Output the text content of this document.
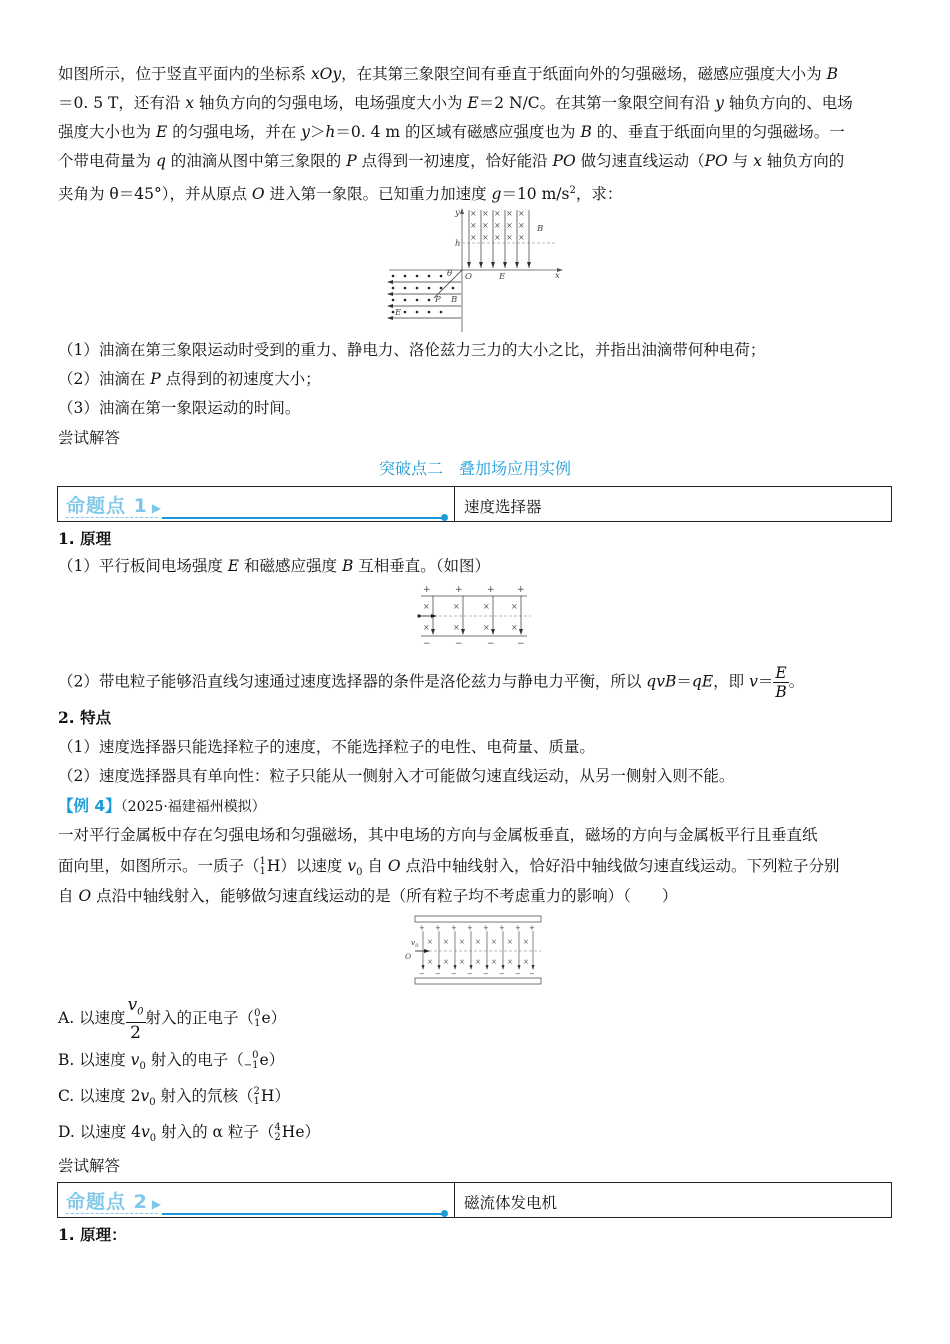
如图所示，位于竖直平面内的坐标系 xOy，在其第三象限空间有垂直于纸面向外的匀强磁场，磁感应强度大小为 B

＝0. 5 T，还有沿 x 轴负方向的匀强电场，电场强度大小为 E＝2 N/C。在其第一象限空间有沿 y 轴负方向的、电场

强度大小也为 E 的匀强电场，并在 y＞h＝0. 4 m 的区域有磁感应强度也为 B 的、垂直于纸面向里的匀强磁场。一

个带电荷量为 q 的油滴从图中第三象限的 P 点得到一初速度，恰好能沿 PO 做匀速直线运动（PO 与 x 轴负方向的

夹角为 θ＝45°），并从原点 O 进入第一象限。已知重力加速度 g＝10 $m/s^2$，求：

× × × × ×
× × × × ×
× × × × ×
y
B
h
θ O	E	x
P B
E

（1）油滴在第三象限运动时受到的重力、静电力、洛伦兹力三力的大小之比，并指出油滴带何种电荷；

（2）油滴在 P 点得到的初速度大小；

（3）油滴在第一象限运动的时间。

尝试解答

突破点二　叠加场应用实例
命题点 1 ▶	速度选择器

1. 原理

（1）平行板间电场强度 E 和磁感应强度 B 互相垂直。（如图）

+	+	+ +
−	−	− −
×	×	×	×
×	×	×	×

（2）带电粒子能够沿直线匀速通过速度选择器的条件是洛伦兹力与静电力平衡，所以 qvB＝qE，即 $v= \frac{E}{B}$ 。

2. 特点

（1）速度选择器只能选择粒子的速度，不能选择粒子的电性、电荷量、质量。

（2）速度选择器具有单向性：粒子只能从一侧射入才可能做匀速直线运动，从另一侧射入则不能。

【例 4】（2025·福建福州模拟）

一对平行金属板中存在匀强电场和匀强磁场，其中电场的方向与金属板垂直，磁场的方向与金属板平行且垂直纸

面向里，如图所示。一质子（ 1
1 H）以速度 $v_0$ 自 O 点沿中轴线射入，恰好沿中轴线做匀速直线运动。下列粒子分别

自 O 点沿中轴线射入，能够做匀速直线运动的是（所有粒子均不考虑重力的影响）（　　）

+ + + + + + + +
− − − − − − − −
× × × × × × ×
× × × × × × ×
$v_0$
O

A. 以速度 $\frac{v_0}{2}$ 射入的正电子（ 0
1 e）

B. 以速度 $v_0$ 射入的电子（ 0
−1 e）

C. 以速度 $2v_0$ 射入的氘核（ 2
1 H）

D. 以速度 $4v_0$ 射入的 α 粒子（ 4
2 He）

尝试解答

命题点 2 ▶	磁流体发电机

1. 原理：
